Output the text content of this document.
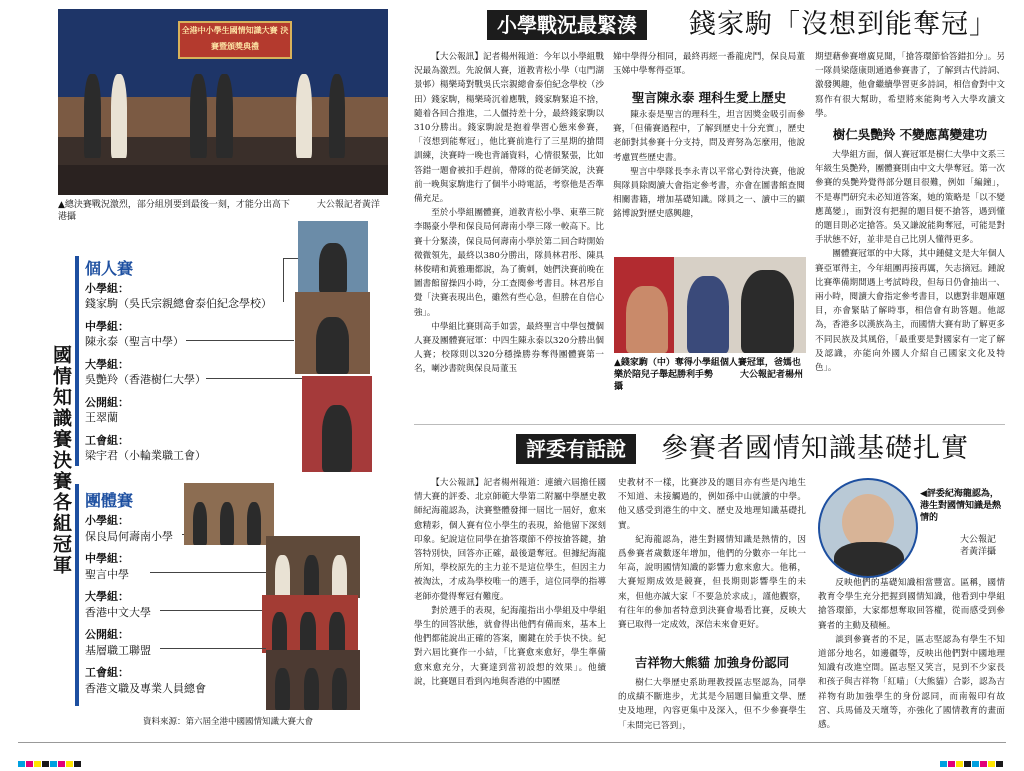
全港中小學生國情知識大賽 決賽暨頒獎典禮
▲總決賽戰況激烈，部分組別要到最後一刻，才能分出高下　　　大公報記者黃洋港攝
國情知識賽決賽各組冠軍
個人賽
小學組：
錢家駒（吳氏宗親總會泰伯紀念學校）
中學組：
陳永泰（聖言中學）
大學組：
吳艷羚（香港樹仁大學）
公開組：
王翠蘭
工會組：
梁宇君（小輪業職工會）
團體賽
小學組：
保良局何壽南小學
中學組：
聖言中學
大學組：
香港中文大學
公開組：
基層職工聯盟
工會組：
香港文職及專業人員總會
資料來源：第六屆全港中國國情知識大賽大會
小學戰況最緊湊	錢家駒「沒想到能奪冠」

【大公報訊】記者楊州報道：今年以小學組戰況最為激烈。先說個人賽，道教青松小學（屯門湖景邨）楊樂琦對戰吳氏宗親總會泰伯紀念學校（沙田）錢家駒，楊樂琦沉着應戰，錢家駒緊追不捨，隨着各回合推進，二人僵持差十分，最終錢家駒以310分勝出。錢家駒說是抱着學習心態來參賽，「沒想到能奪冠」，他比賽前進行了三星期的搶問訓練，決賽時一晚也背誦資料，心情很緊張，比如答錯一題會被扣手趕前，帶隊的從老師笑說，決賽前一晚與家駒進行了個半小時電話，考察他是否準備充足。

至於小學組團體賽，道教青松小學、東華三院李賜豪小學和保良局何壽南小學三隊一較高下。比賽十分緊湊，保良局何壽南小學於第二回合時開始微微領先，最終以380分勝出，隊員林君彤、陳具林俊晴和黃雅珊都說，為了衝刺，她們決賽前晚在圖書館留操四小時，分工查閱參考書目。林君彤自覺「決賽表現出色，雖然有些心急，但勝在自信心強」。

中學組比賽則高手如雲，最終聖言中學包攬個人賽及團體賽冠軍：中四生陳永泰以320分勝出個人賽；校隊則以320分穩操勝券奪得團體賽第一名，喇沙書院與保良局董玉

娣中學得分相同，最終再經一番龍虎鬥，保良局董玉娣中學奪得亞軍。

聖言陳永泰 理科生愛上歷史

陳永泰是聖言的理科生，坦言因獎金吸引而參賽，「但備賽過程中，了解到歷史十分充實」，歷史老師對其參賽十分支持，問及齊努為怎麼用，他說考慮買些歷史書。

聖言中學隊長李永青以平常心對待決賽，他說與隊員除閱讀大會指定參考書，亦會在圖書館查閱相關書籍，增加基礎知識。隊員之一、讀中三的顯銘博說對歷史感興趣，

▲錢家駒（中）奪得小學組個人賽冠軍，爸媽也樂於陪兒子舉起勝利手勢　　　大公報記者楊州攝

期望藉參賽增廣見聞，「搶答環節恰答錯扣分」。另一隊員梁蔭康則通過參賽書了，了解到古代詩詞、激發興趣，他會繼續學習更多詩詞，相信會對中文寫作有很大幫助，希望將來能夠考入大學攻讀文學。

樹仁吳艷羚 不變應萬變建功

大學組方面，個人賽冠軍是樹仁大學中文系三年級生吳艷羚，團體賽則由中文大學奪冠。第一次參賽的吳艷羚覺得部分題目很難，例如「編鐘」，不是專門研究未必知道答案，她的策略是「以不變應萬變」，面對沒有把握的題目便不搶答，遇到懂的題目則必定搶答。吳又謙說能夠奪冠，可能是對手狀態不好，並非是自己比別人懂得更多。

團體賽冠軍的中大隊，其中鍾健文是大年個人賽亞軍得主，今年組團再接再厲，矢志摘冠。鍾說比賽準備期間遇上考試時段，但每日仍會抽出一、兩小時，閱讀大會指定參考書目，以應對非題庫題目，亦會緊貼了解時事，相信會有助答題。他認為，香港多以漢族為主，而國情大賽有助了解更多不同民族及其風俗，「最重要是對國家有一定了解及認識，亦能向外國人介紹自己國家文化及特色」。

評委有話說	參賽者國情知識基礎扎實

【大公報訊】記者楊州報道：連續六屆擔任國情大賽的評委、北京師範大學第二附屬中學歷史教師紀海龍認為，決賽整體發揮一屆比一屆好，愈來愈精彩，個人賽有位小學生的表現，給他留下深刻印象。紀說這位同學在搶答環節不停按搶答鍵，搶答特別快，回答亦正確，最後還奪冠。但據紀海龍所知，學校原先的主力並不是這位學生，但因主力被淘汰，才成為學校唯一的選手，這位同學的指導老師亦覺得奪冠有難度。

對於選手的表現，紀海龍指出小學組及中學組學生的回答狀態，就會得出他們有備而來，基本上他們都能說出正確的答案，關鍵在於手快不快。紀對六屆比賽作一小結，「比賽愈來愈好，學生準備愈來愈充分，大賽達到當初設想的效果」。他續說，比賽題目看到內地與香港的中國歷

史教材不一樣，比賽涉及的題目亦有些是內地生不知道、未接觸過的，例如孫中山就讀的中學。他又感受到港生的中文、歷史及地理知識基礎扎實。

紀海龍認為，港生對國情知識是熱情的，因爲參賽者歲數逐年增加，他們的分數亦一年比一年高，說明國情知識的影響力愈來愈大。他稱，大賽短期成效是競賽，但長期則影響學生的未來，但他亦誠大家「不要急於求成」，謹他觀察，有往年的參加者特意到決賽會場看比賽，反映大賽已取得一定成效，深信未來會更好。

吉祥物大熊貓 加強身份認同

樹仁大學歷史系助理教授區志堅認為，同學的成績不斷進步，尤其是今屆題目偏重文學、歷史及地理，內容更集中及深入，但不少參賽學生「未問完已答到」，

◀評委紀海龍認為，港生對國情知識是熱情的
大公報記者黃洋攝

反映他們的基礎知識相當豐富。區稱，國情教育令學生充分把握到國情知識，他看到中學組搶答環節，大家都想奪取回答權，從而感受到參賽者的主動及積極。

談到參賽者的不足，區志堅認為有學生不知道部分地名，如邊疆等，反映出他們對中國地理知識有改進空間。區志堅又笑言，見到不少家長和孩子與吉祥物「紅喵」（大熊貓）合影，認為吉祥物有助加強學生的身份認同，而南報印有故宮、兵馬俑及天壇等，亦強化了國情教育的畫面感。
